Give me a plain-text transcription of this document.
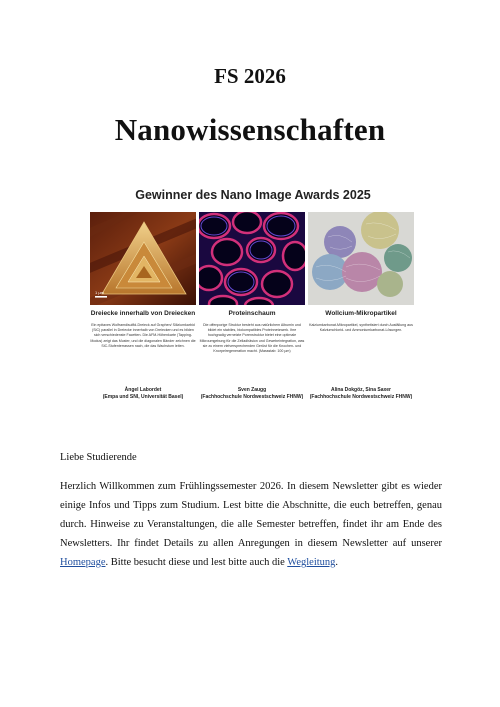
FS 2026
Nanowissenschaften
Gewinner des Nano Image Awards 2025
1 µm
Dreiecke innerhalb von Dreiecken
Ein epitaxes Wolframdisulfid-Dreieck auf Graphen/ Siliziumkarbid (SiC) parallel in Dreiecke innerhalb von Dreiecken und es bilden sich verschiedenste Facetten. Die AFM-Höhenkarte (Tapping-Modus) zeigt das Muster, und die diagonalen Bänder zeichnen die SiC-Stufenterrassen nach, die das Wachstum leiten.
Àngel Labordet
(Empa und SNI, Universität Basel)
Proteinschaum
Die offenporige Struktur besteht aus natürlichem Albumin und bildet ein stabiles, biokompatibles Proteinnetzwerk. Ihre hochgradig vernetzte Porenstruktur bietet eine optimale Mikroumgebung für die Zelladhäsion und Gewebeintegration, was sie zu einem vielversprechenden Gerüst für die Knochen- und Knorpelregeneration macht. (Massstab: 100 µm)
Sven Zaugg
(Fachhochschule Nordwestschweiz FHNW)
Wollcium-Mikropartikel
Kalziumkarbonat-Mikropartikel, synthetisiert durch Ausfällung aus Kalziumchlorid- und Ammoniumkarbonat-Lösungen.
Alina Dokgöz, Sina Saxer
(Fachhochschule Nordwestschweiz FHNW)

Liebe Studierende

Herzlich Willkommen zum Frühlingssemester 2026. In diesem Newsletter gibt es wieder einige Infos und Tipps zum Studium. Lest bitte die Abschnitte, die euch betreffen, genau durch. Hinweise zu Veranstaltungen, die alle Semester betreffen, findet ihr am Ende des Newsletters. Ihr findet Details zu allen Anregungen in diesem Newsletter auf unserer Homepage. Bitte besucht diese und lest bitte auch die Wegleitung.
